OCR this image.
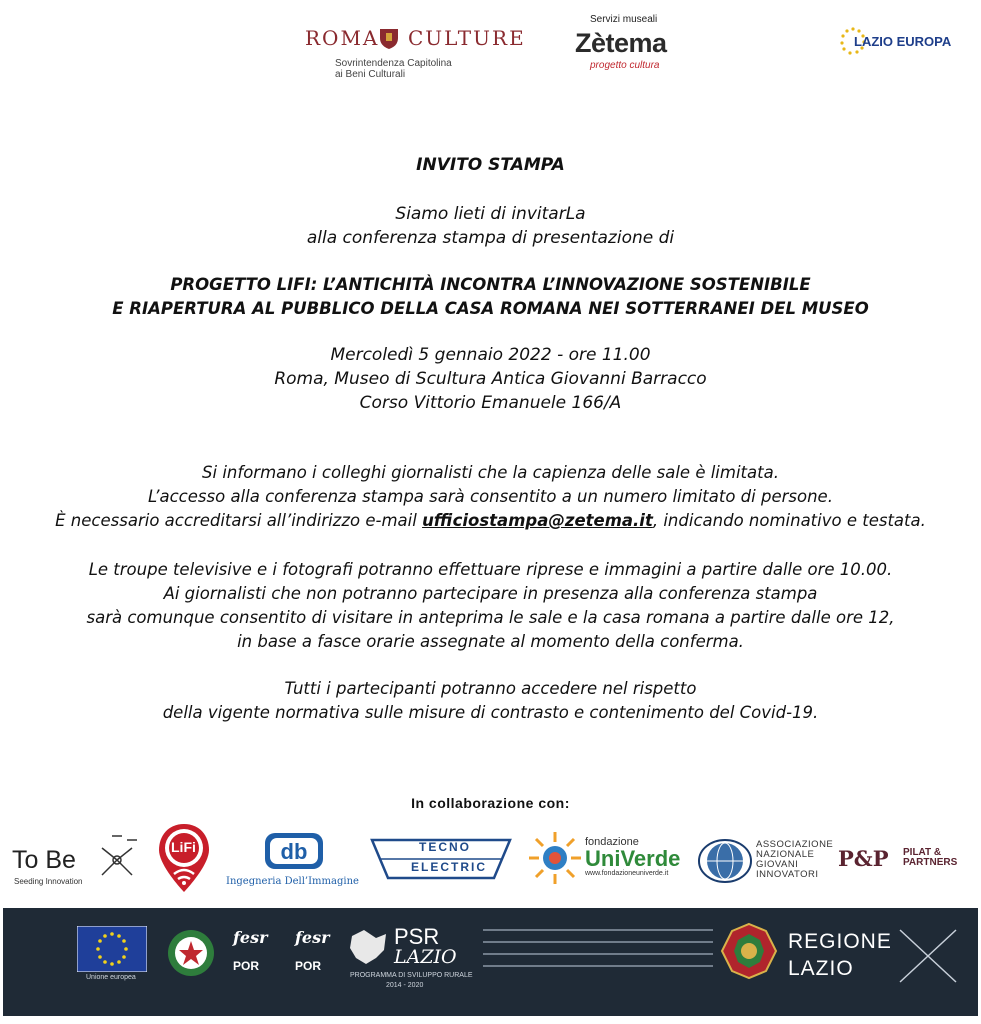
ROMA CULTURE
Sovrintendenza Capitolina
ai Beni Culturali
Servizi museali
Zètema
progetto cultura
LAZIO EUROPA
INVITO STAMPA
Siamo lieti di invitarLa
alla conferenza stampa di presentazione di
PROGETTO LIFI: L’ANTICHITÀ INCONTRA L’INNOVAZIONE SOSTENIBILE
E RIAPERTURA AL PUBBLICO DELLA CASA ROMANA NEI SOTTERRANEI DEL MUSEO
Mercoledì 5 gennaio 2022 - ore 11.00
Roma, Museo di Scultura Antica Giovanni Barracco
Corso Vittorio Emanuele 166/A
Si informano i colleghi giornalisti che la capienza delle sale è limitata.
L’accesso alla conferenza stampa sarà consentito a un numero limitato di persone.
È necessario accreditarsi all’indirizzo e-mail ufficiostampa@zetema.it, indicando nominativo e testata.
Le troupe televisive e i fotografi potranno effettuare riprese e immagini a partire dalle ore 10.00.
Ai giornalisti che non potranno partecipare in presenza alla conferenza stampa
sarà comunque consentito di visitare in anteprima le sale e la casa romana a partire dalle ore 12,
in base a fasce orarie assegnate al momento della conferma.
Tutti i partecipanti potranno accedere nel rispetto
della vigente normativa sulle misure di contrasto e contenimento del Covid-19.
In collaborazione con:
To Be
Seeding Innovation
LiFi	db
Ingegneria Dell’Immagine
TECNO
ELECTRIC
fondazione
UniVerde
www.fondazioneuniverde.it
ASSOCIAZIONE
NAZIONALE
GIOVANI
INNOVATORI
P&P PILAT &
PARTNERS
Unione europea
fesr
POR
fesr
POR
PSR
LAZIO
PROGRAMMA DI SVILUPPO RURALE
2014 - 2020
REGIONE
LAZIO
